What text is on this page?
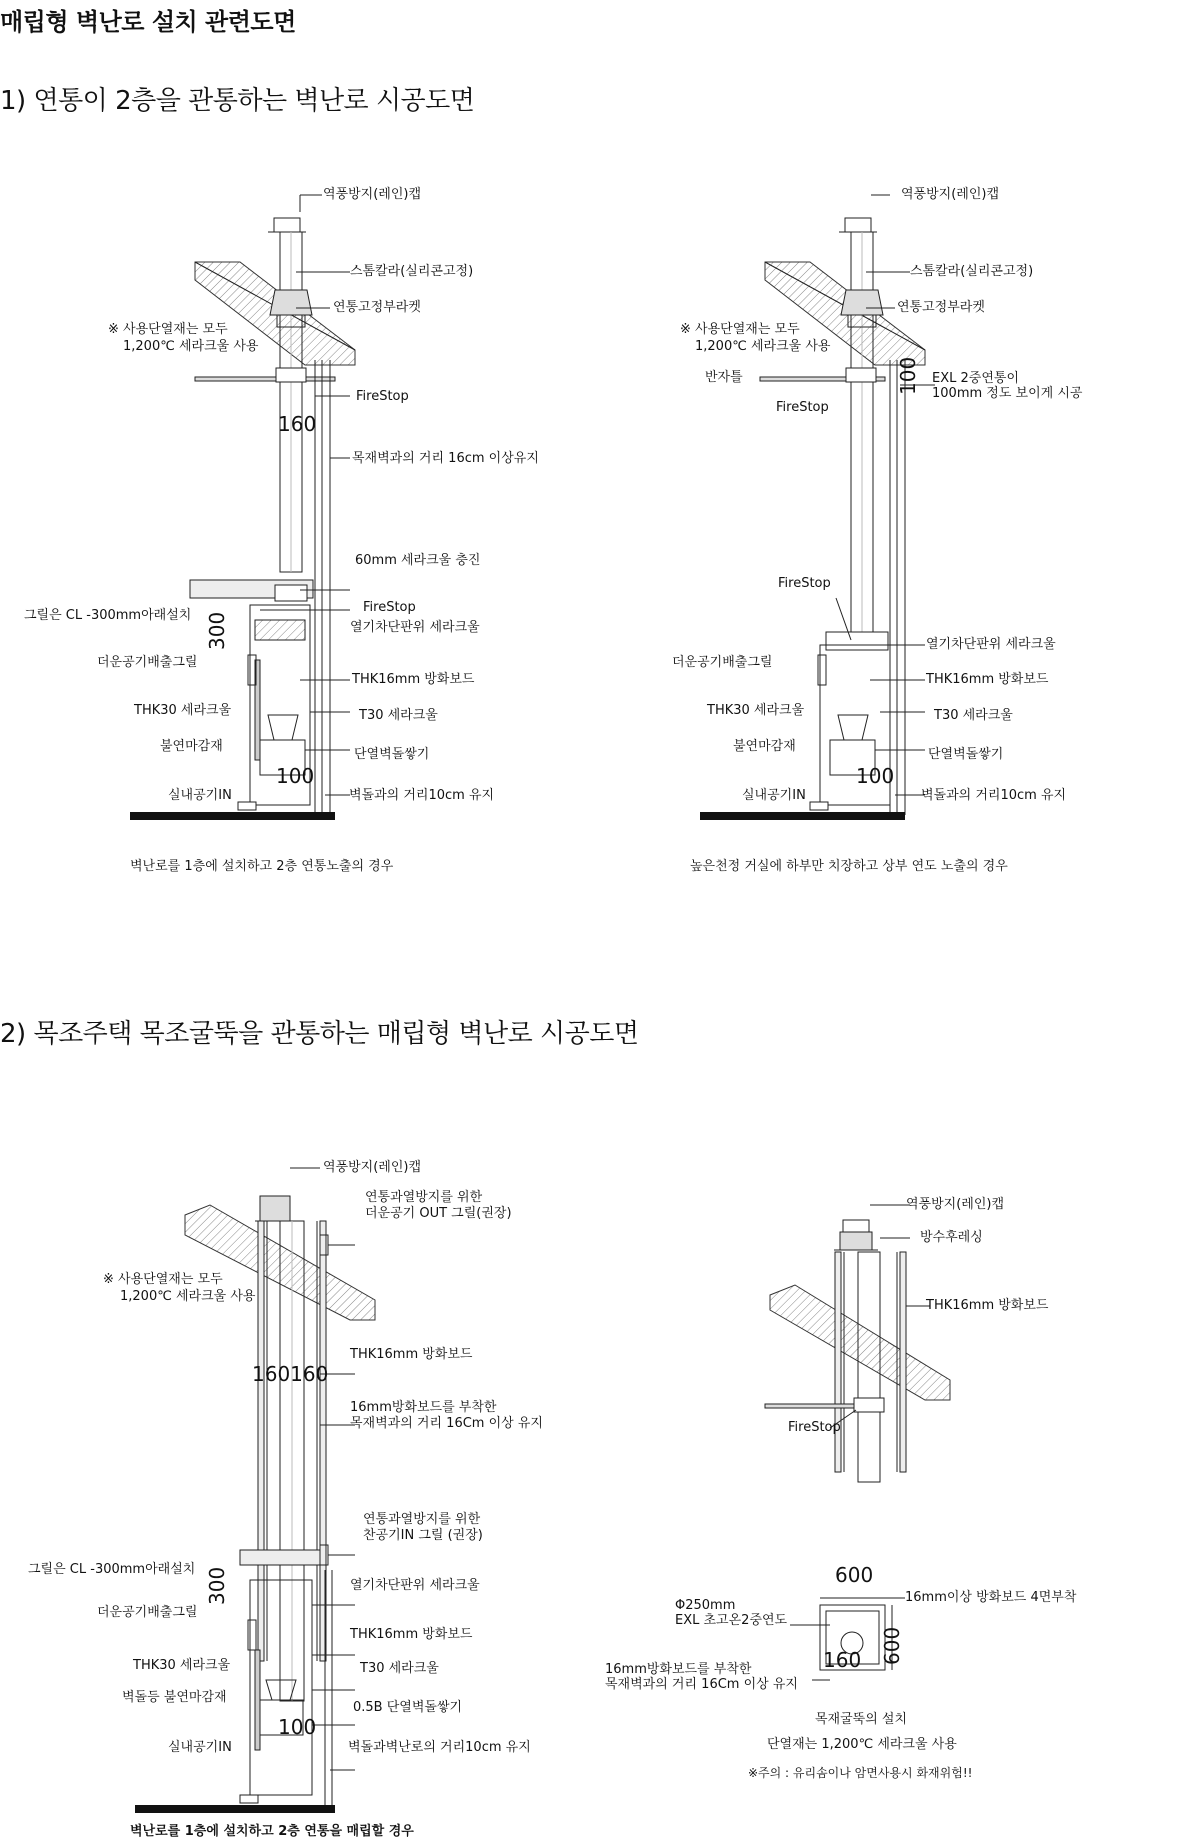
매립형 벽난로 설치 관련도면
1) 연통이 2층을 관통하는 벽난로 시공도면
2) 목조주택 목조굴뚝을 관통하는 매립형 벽난로 시공도면
역풍방지(레인)캡
스톰칼라(실리콘고정)
연통고정부라켓
※ 사용단열재는 모두
1,200℃ 세라크울 사용
FireStop
160
목재벽과의 거리 16cm 이상유지
60mm 세라크울 충진
FireStop
열기차단판위 세라크울
그릴은 CL -300mm아래설치 300
더운공기배출그릴
THK16mm 방화보드
THK30 세라크울	T30 세라크울
불연마감재
단열벽돌쌓기
100
실내공기IN	벽돌과의 거리10cm 유지
벽난로를 1층에 설치하고 2층 연통노출의 경우
역풍방지(레인)캡
스톰칼라(실리콘고정)
연통고정부라켓
※ 사용단열재는 모두
1,200℃ 세라크울 사용
반자틀	100 EXL 2중연통이
100mm 정도 보이게 시공
FireStop
FireStop
열기차단판위 세라크울
더운공기배출그릴
THK16mm 방화보드
THK30 세라크울	T30 세라크울
불연마감재
단열벽돌쌓기
100
실내공기IN	벽돌과의 거리10cm 유지
높은천정 거실에 하부만 치장하고 상부 연도 노출의 경우
역풍방지(레인)캡
연통과열방지를 위한
더운공기 OUT 그릴(권장)
※ 사용단열재는 모두
1,200℃ 세라크울 사용
THK16mm 방화보드
160160
16mm방화보드를 부착한
목재벽과의 거리 16Cm 이상 유지
연통과열방지를 위한
찬공기IN 그릴 (권장)
그릴은 CL -300mm아래설치 300	열기차단판위 세라크울
더운공기배출그릴
THK16mm 방화보드
THK30 세라크울	T30 세라크울
벽돌등 불연마감재
0.5B 단열벽돌쌓기
100
실내공기IN	벽돌과벽난로의 거리10cm 유지
벽난로를 1층에 설치하고 2층 연통을 매립할 경우
역풍방지(레인)캡
방수후레싱
THK16mm 방화보드
FireStop
600
600
16mm이상 방화보드 4면부착
Φ250mm
EXL 초고온2중연도
160
16mm방화보드를 부착한
목재벽과의 거리 16Cm 이상 유지
목재굴뚝의 설치
단열재는 1,200℃ 세라크울 사용
※주의 : 유리솜이나 암면사용시 화재위험!!
